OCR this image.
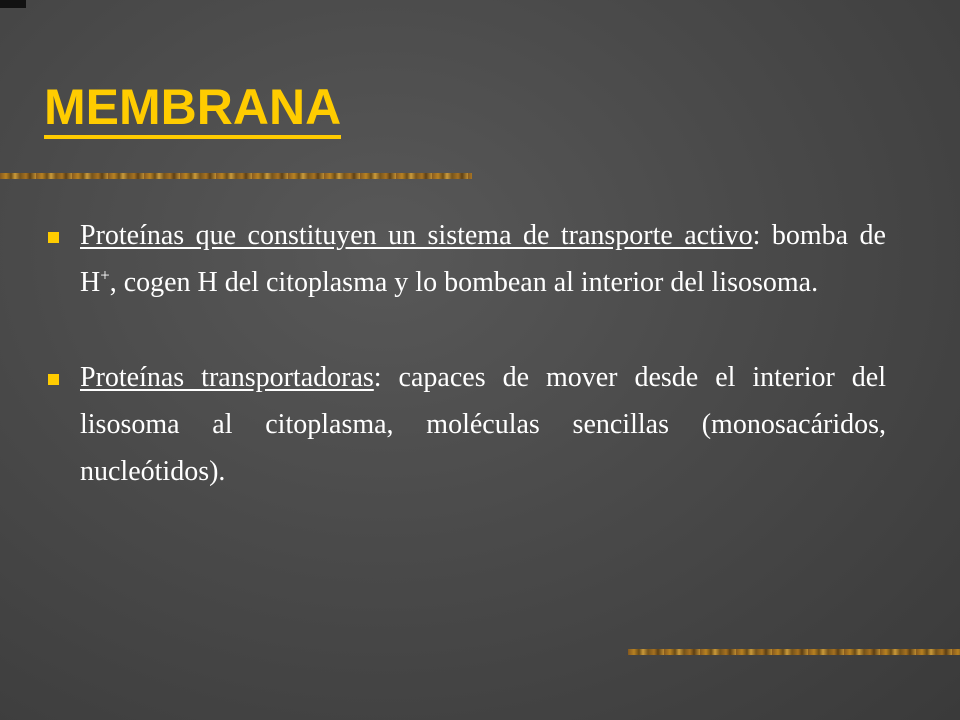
MEMBRANA
Proteínas que constituyen un sistema de transporte activo: bomba de H+, cogen H del citoplasma y lo bombean al interior del lisosoma.
Proteínas transportadoras: capaces de mover desde el interior del lisosoma al citoplasma, moléculas sencillas (monosacáridos, nucleótidos).
